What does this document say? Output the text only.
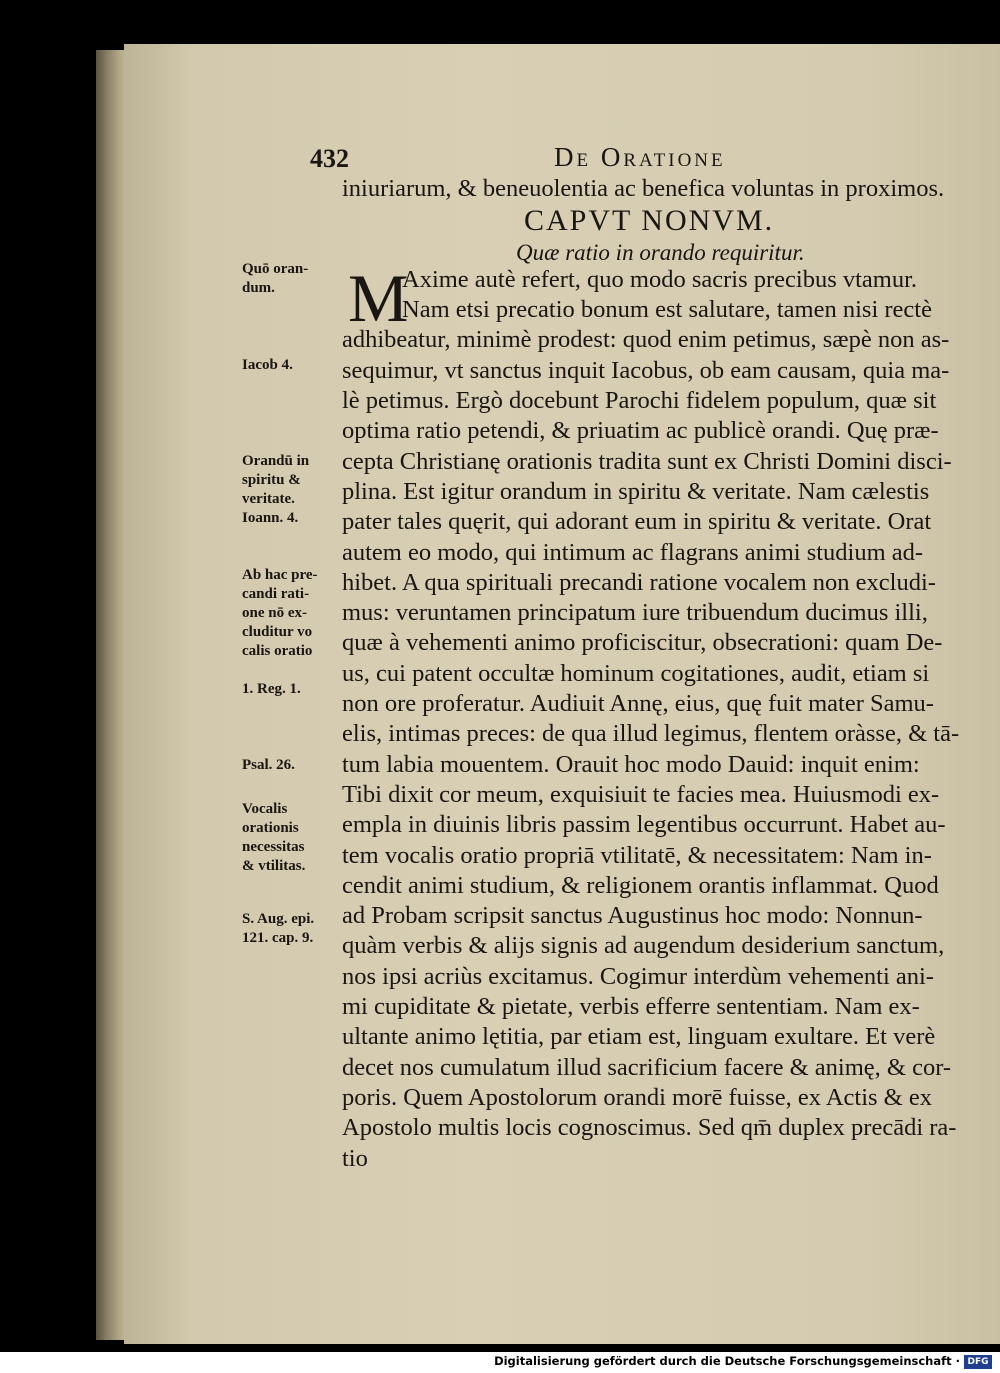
432	De Oratione
CAPVT NONVM.
Quæ ratio in orando requiritur.
M
iniuriarum, & beneuolentia ac benefica voluntas in proximos.
Axime autè refert, quo modo sacris precibus vtamur.
Nam etsi precatio bonum est salutare, tamen nisi rectè
adhibeatur, minimè prodest: quod enim petimus, sæpè non as-
sequimur, vt sanctus inquit Iacobus, ob eam causam, quia ma-
lè petimus. Ergò docebunt Parochi fidelem populum, quæ sit
optima ratio petendi, & priuatim ac publicè orandi. Quę præ-
cepta Christianę orationis tradita sunt ex Christi Domini disci-
plina. Est igitur orandum in spiritu & veritate. Nam cælestis
pater tales quęrit, qui adorant eum in spiritu & veritate. Orat
autem eo modo, qui intimum ac flagrans animi studium ad-
hibet. A qua spirituali precandi ratione vocalem non excludi-
mus: veruntamen principatum iure tribuendum ducimus illi,
quæ à vehementi animo proficiscitur, obsecrationi: quam De-
us, cui patent occultæ hominum cogitationes, audit, etiam si
non ore proferatur. Audiuit Annę, eius, quę fuit mater Samu-
elis, intimas preces: de qua illud legimus, flentem oràsse, & tā-
tum labia mouentem. Orauit hoc modo Dauid: inquit enim:
Tibi dixit cor meum, exquisiuit te facies mea. Huiusmodi ex-
empla in diuinis libris passim legentibus occurrunt. Habet au-
tem vocalis oratio propriā vtilitatē, & necessitatem: Nam in-
cendit animi studium, & religionem orantis inflammat. Quod
ad Probam scripsit sanctus Augustinus hoc modo: Nonnun-
quàm verbis & alijs signis ad augendum desiderium sanctum,
nos ipsi acriùs excitamus. Cogimur interdùm vehementi ani-
mi cupiditate & pietate, verbis efferre sententiam. Nam ex-
ultante animo lętitia, par etiam est, linguam exultare. Et verè
decet nos cumulatum illud sacrificium facere & animę, & cor-
poris. Quem Apostolorum orandi morē fuisse, ex Actis & ex
Apostolo multis locis cognoscimus. Sed qm̄ duplex precādi ra-
tio
Quō oran-
dum.
Iacob 4.
Orandū in
spiritu &
veritate.
Ioann. 4.
Ab hac pre-
candi rati-
one nō ex-
cluditur vo
calis oratio
1. Reg. 1.
Psal. 26.
Vocalis
orationis
necessitas
& vtilitas.
S. Aug. epi.
121. cap. 9.
Digitalisierung gefördert durch die Deutsche Forschungsgemeinschaft · DFG
